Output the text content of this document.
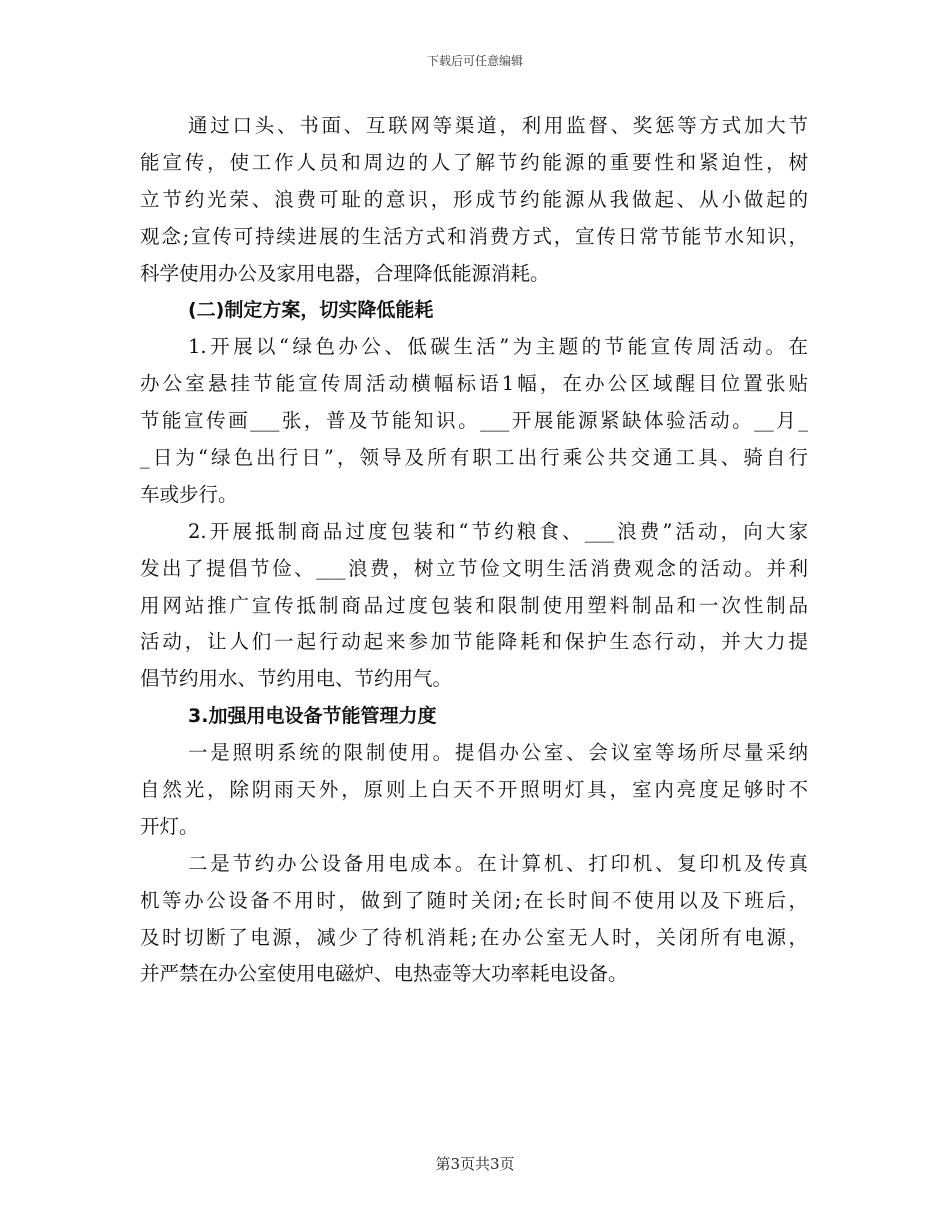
下载后可任意编辑
通过口头、书面、互联网等渠道，利用监督、奖惩等方式加大节
能宣传，使工作人员和周边的人了解节约能源的重要性和紧迫性，树
立节约光荣、浪费可耻的意识，形成节约能源从我做起、从小做起的
观念;宣传可持续进展的生活方式和消费方式，宣传日常节能节水知识，
科学使用办公及家用电器，合理降低能源消耗。
(二)制定方案，切实降低能耗
1.开展以“绿色办公、低碳生活”为主题的节能宣传周活动。在
办公室悬挂节能宣传周活动横幅标语1幅，在办公区域醒目位置张贴
节能宣传画___张，普及节能知识。___开展能源紧缺体验活动。__月_
_日为“绿色出行日”，领导及所有职工出行乘公共交通工具、骑自行
车或步行。
2.开展抵制商品过度包装和“节约粮食、___浪费”活动，向大家
发出了提倡节俭、___浪费，树立节俭文明生活消费观念的活动。并利
用网站推广宣传抵制商品过度包装和限制使用塑料制品和一次性制品
活动，让人们一起行动起来参加节能降耗和保护生态行动，并大力提
倡节约用水、节约用电、节约用气。
3.加强用电设备节能管理力度
一是照明系统的限制使用。提倡办公室、会议室等场所尽量采纳
自然光，除阴雨天外，原则上白天不开照明灯具，室内亮度足够时不
开灯。
二是节约办公设备用电成本。在计算机、打印机、复印机及传真
机等办公设备不用时，做到了随时关闭;在长时间不使用以及下班后，
及时切断了电源，减少了待机消耗;在办公室无人时，关闭所有电源，
并严禁在办公室使用电磁炉、电热壶等大功率耗电设备。
第3页共3页
